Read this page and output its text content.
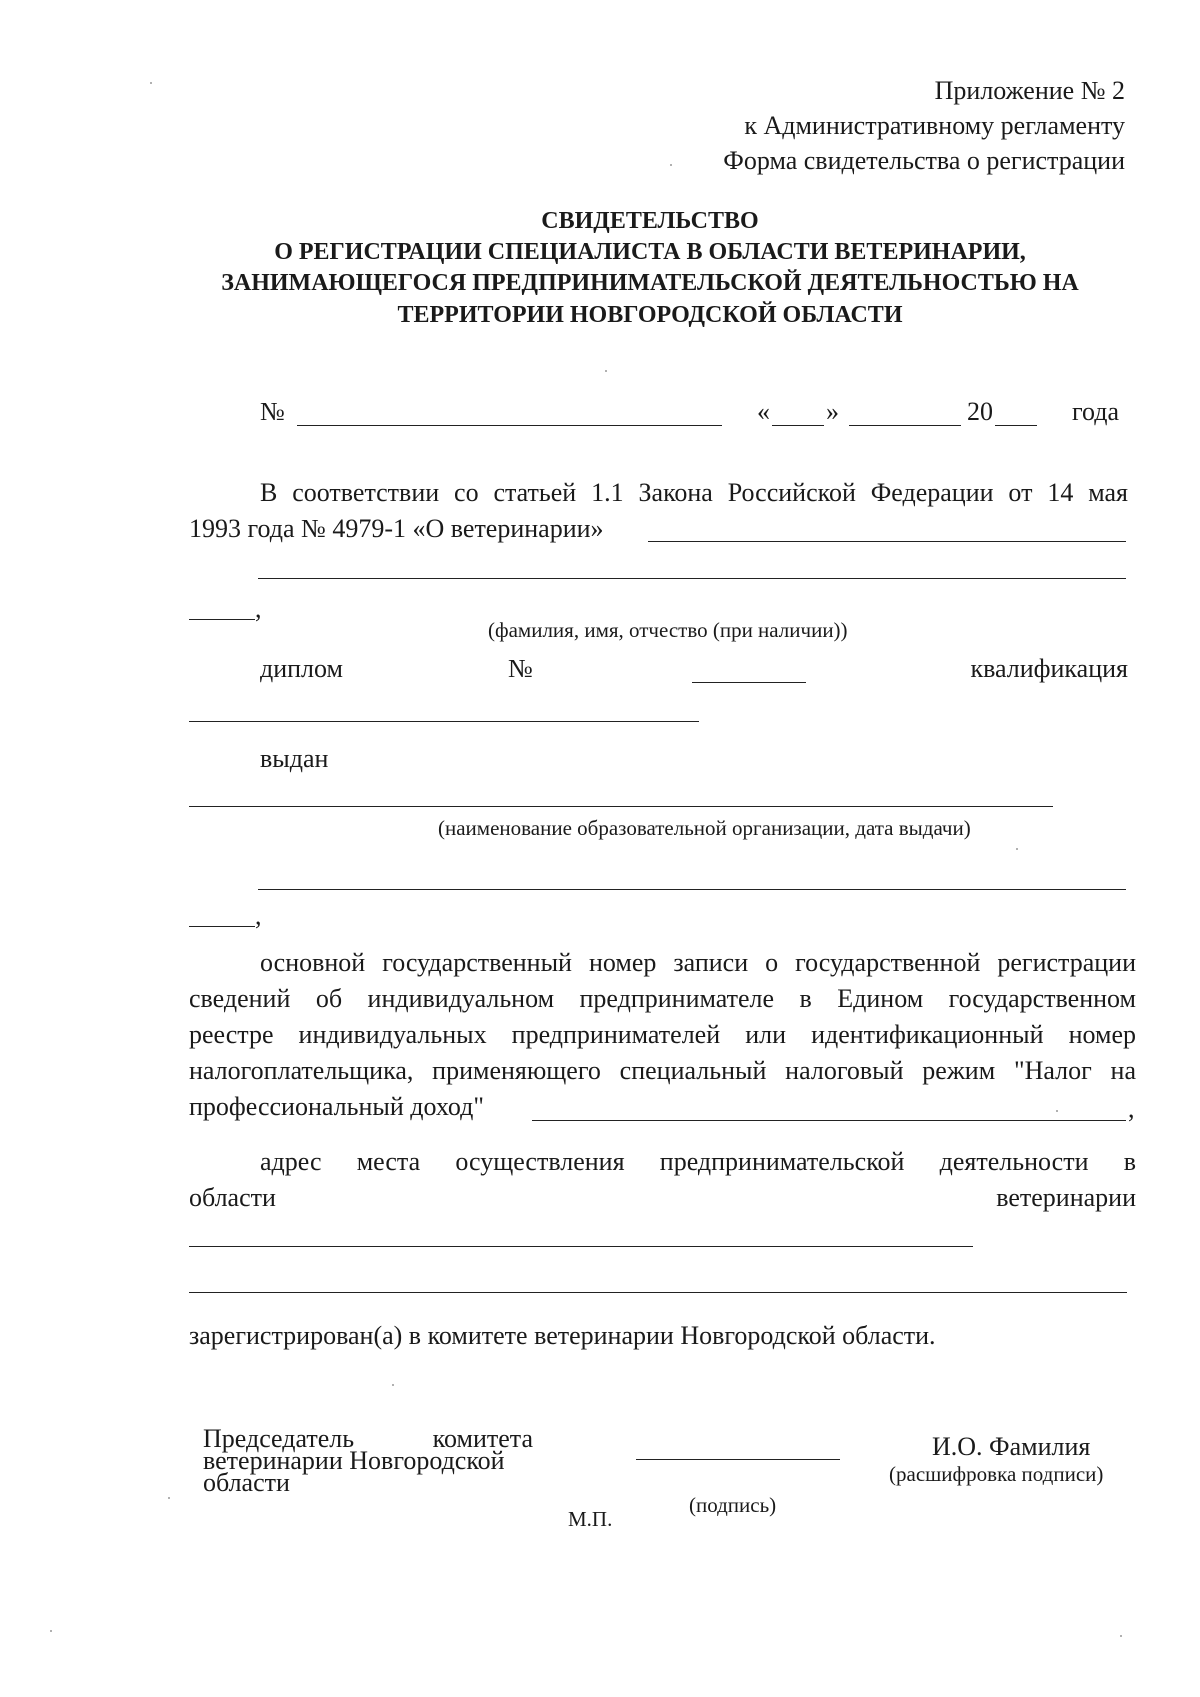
Приложение № 2
к Административному регламенту
Форма свидетельства о регистрации
СВИДЕТЕЛЬСТВО
О РЕГИСТРАЦИИ СПЕЦИАЛИСТА В ОБЛАСТИ ВЕТЕРИНАРИИ,
ЗАНИМАЮЩЕГОСЯ ПРЕДПРИНИМАТЕЛЬСКОЙ ДЕЯТЕЛЬНОСТЬЮ НА
ТЕРРИТОРИИ НОВГОРОДСКОЙ ОБЛАСТИ
№	« »	20	года
В соответствии со статьей 1.1 Закона Российской Федерации от 14 мая
1993 года № 4979-1 «О ветеринарии»
,
(фамилия, имя, отчество (при наличии))
диплом	№	квалификация
выдан
(наименование образовательной организации, дата выдачи)
,
основной государственный номер записи о государственной регистрации
сведений об индивидуальном предпринимателе в Едином государственном
реестре индивидуальных предпринимателей или идентификационный номер
налогоплательщика, применяющего специальный налоговый режим "Налог на
профессиональный доход"	,
адрес места осуществления предпринимательской деятельности в
области	ветеринарии
зарегистрирован(а) в комитете ветеринарии Новгородской области.
Председатель комитета
ветеринарии Новгородской
области
(подпись)
М.П.
И.О. Фамилия
(расшифровка подписи)
